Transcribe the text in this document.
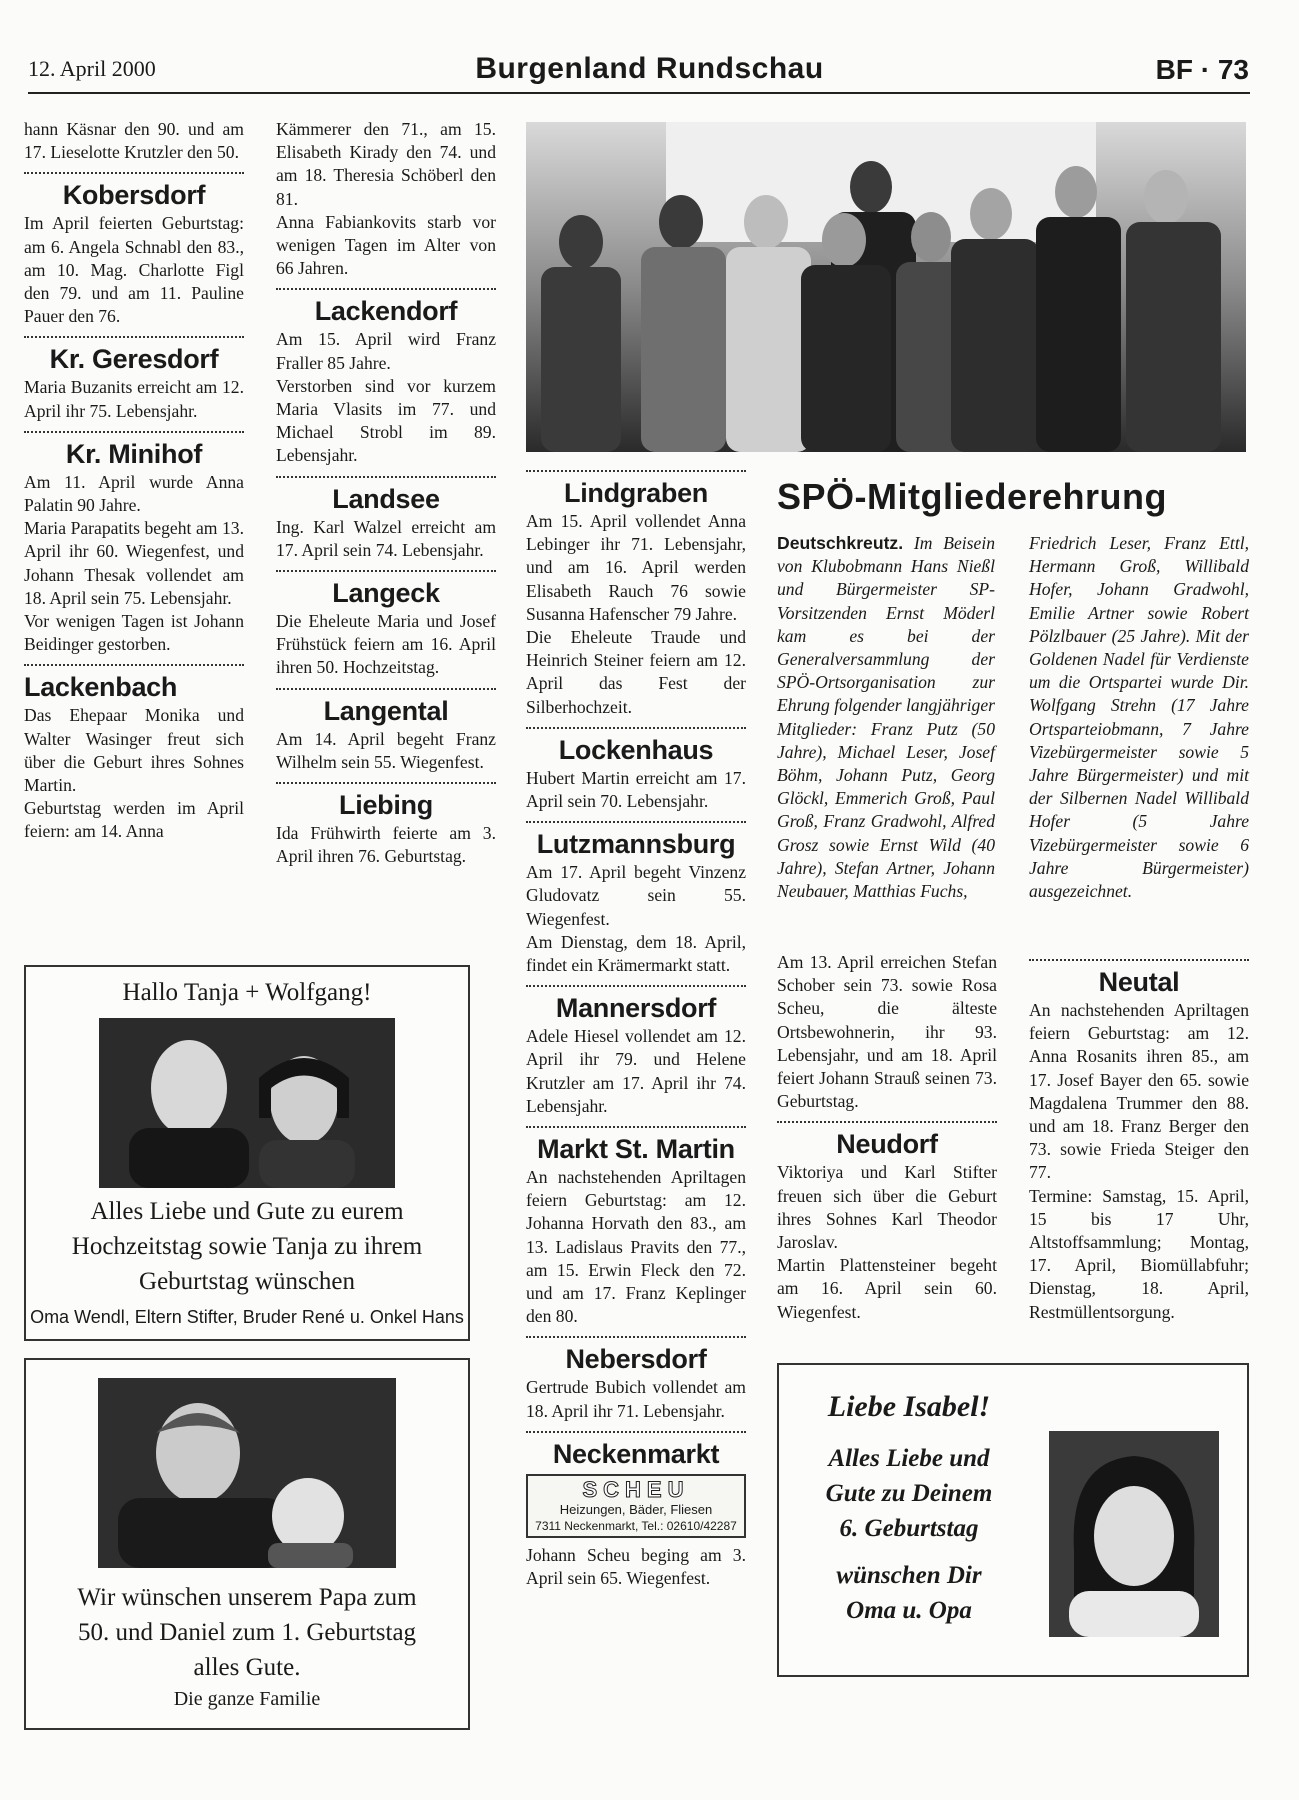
12. April 2000	Burgenland Rundschau	BF · 73

hann Käsnar den 90. und am 17. Lieselotte Krutzler den 50.

Kobersdorf

Im April feierten Geburtstag: am 6. Angela Schnabl den 83., am 10. Mag. Charlotte Figl den 79. und am 11. Pauline Pauer den 76.

Kr. Geresdorf

Maria Buzanits erreicht am 12. April ihr 75. Lebensjahr.

Kr. Minihof

Am 11. April wurde Anna Palatin 90 Jahre.

Maria Parapatits begeht am 13. April ihr 60. Wiegenfest, und Johann Thesak vollendet am 18. April sein 75. Lebensjahr.

Vor wenigen Tagen ist Johann Beidinger gestorben.

Lackenbach

Das Ehepaar Monika und Walter Wasinger freut sich über die Geburt ihres Sohnes Martin.

Geburtstag werden im April feiern: am 14. Anna

Kämmerer den 71., am 15. Elisabeth Kirady den 74. und am 18. Theresia Schöberl den 81.

Anna Fabiankovits starb vor wenigen Tagen im Alter von 66 Jahren.

Lackendorf

Am 15. April wird Franz Fraller 85 Jahre.

Verstorben sind vor kurzem Maria Vlasits im 77. und Michael Strobl im 89. Lebensjahr.

Landsee

Ing. Karl Walzel erreicht am 17. April sein 74. Lebensjahr.

Langeck

Die Eheleute Maria und Josef Frühstück feiern am 16. April ihren 50. Hochzeitstag.

Langental

Am 14. April begeht Franz Wilhelm sein 55. Wiegenfest.

Liebing

Ida Frühwirth feierte am 3. April ihren 76. Geburtstag.

SPÖ-Mitgliederehrung

Deutschkreutz. Im Beisein von Klubobmann Hans Nießl und Bürgermeister SP-Vorsitzenden Ernst Möderl kam es bei der Generalversammlung der SPÖ-Ortsorganisation zur Ehrung folgender langjähriger Mitglieder: Franz Putz (50 Jahre), Michael Leser, Josef Böhm, Johann Putz, Georg Glöckl, Emmerich Groß, Paul Groß, Franz Gradwohl, Alfred Grosz sowie Ernst Wild (40 Jahre), Stefan Artner, Johann Neubauer, Matthias Fuchs,

Friedrich Leser, Franz Ettl, Hermann Groß, Willibald Hofer, Johann Gradwohl, Emilie Artner sowie Robert Pölzlbauer (25 Jahre). Mit der Goldenen Nadel für Verdienste um die Ortspartei wurde Dir. Wolfgang Strehn (17 Jahre Ortsparteiobmann, 7 Jahre Vizebürgermeister sowie 5 Jahre Bürgermeister) und mit der Silbernen Nadel Willibald Hofer (5 Jahre Vizebürgermeister sowie 6 Jahre Bürgermeister) ausgezeichnet.

Lindgraben

Am 15. April vollendet Anna Lebinger ihr 71. Lebensjahr, und am 16. April werden Elisabeth Rauch 76 sowie Susanna Hafenscher 79 Jahre.

Die Eheleute Traude und Heinrich Steiner feiern am 12. April das Fest der Silberhochzeit.

Lockenhaus

Hubert Martin erreicht am 17. April sein 70. Lebensjahr.

Lutzmannsburg

Am 17. April begeht Vinzenz Gludovatz sein 55. Wiegenfest.

Am Dienstag, dem 18. April, findet ein Krämermarkt statt.

Mannersdorf

Adele Hiesel vollendet am 12. April ihr 79. und Helene Krutzler am 17. April ihr 74. Lebensjahr.

Markt St. Martin

An nachstehenden Apriltagen feiern Geburtstag: am 12. Johanna Horvath den 83., am 13. Ladislaus Pravits den 77., am 15. Erwin Fleck den 72. und am 17. Franz Keplinger den 80.

Nebersdorf

Gertrude Bubich vollendet am 18. April ihr 71. Lebensjahr.

Neckenmarkt
SCHEU
Heizungen, Bäder, Fliesen
7311 Neckenmarkt, Tel.: 02610/42287

Johann Scheu beging am 3. April sein 65. Wiegenfest.

Am 13. April erreichen Stefan Schober sein 73. sowie Rosa Scheu, die älteste Ortsbewohnerin, ihr 93. Lebensjahr, und am 18. April feiert Johann Strauß seinen 73. Geburtstag.

Neudorf

Viktoriya und Karl Stifter freuen sich über die Geburt ihres Sohnes Karl Theodor Jaroslav.

Martin Plattensteiner begeht am 16. April sein 60. Wiegenfest.

Neutal

An nachstehenden Apriltagen feiern Geburtstag: am 12. Anna Rosanits ihren 85., am 17. Josef Bayer den 65. sowie Magdalena Trummer den 88. und am 18. Franz Berger den 73. sowie Frieda Steiger den 77.

Termine: Samstag, 15. April, 15 bis 17 Uhr, Altstoffsammlung; Montag, 17. April, Biomüllabfuhr; Dienstag, 18. April, Restmüllentsorgung.

Hallo Tanja + Wolfgang!
Alles Liebe und Gute zu eurem
Hochzeitstag sowie Tanja zu ihrem
Geburtstag wünschen
Oma Wendl, Eltern Stifter, Bruder René u. Onkel Hans
Wir wünschen unserem Papa zum
50. und Daniel zum 1. Geburtstag
alles Gute.
Die ganze Familie
Liebe Isabel!
Alles Liebe und
Gute zu Deinem
6. Geburtstag
wünschen Dir
Oma u. Opa
